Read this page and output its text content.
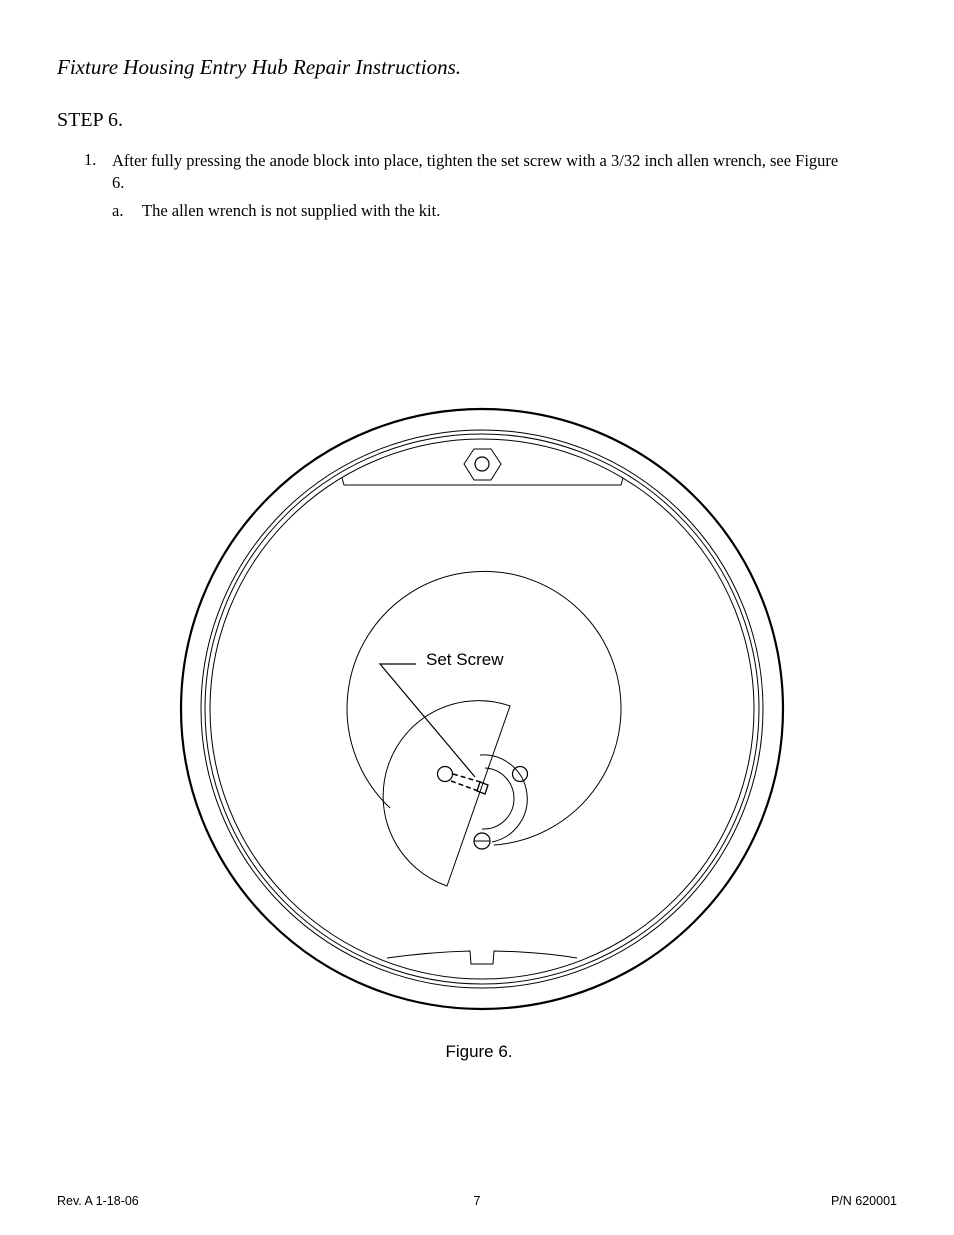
Fixture Housing Entry Hub Repair Instructions.
STEP 6.
1. After fully pressing the anode block into place, tighten the set screw with a 3/32 inch allen wrench, see Figure 6.
a. The allen wrench is not supplied with the kit.
Set Screw
Figure 6.
Rev. A 1-18-06	7	P/N 620001
